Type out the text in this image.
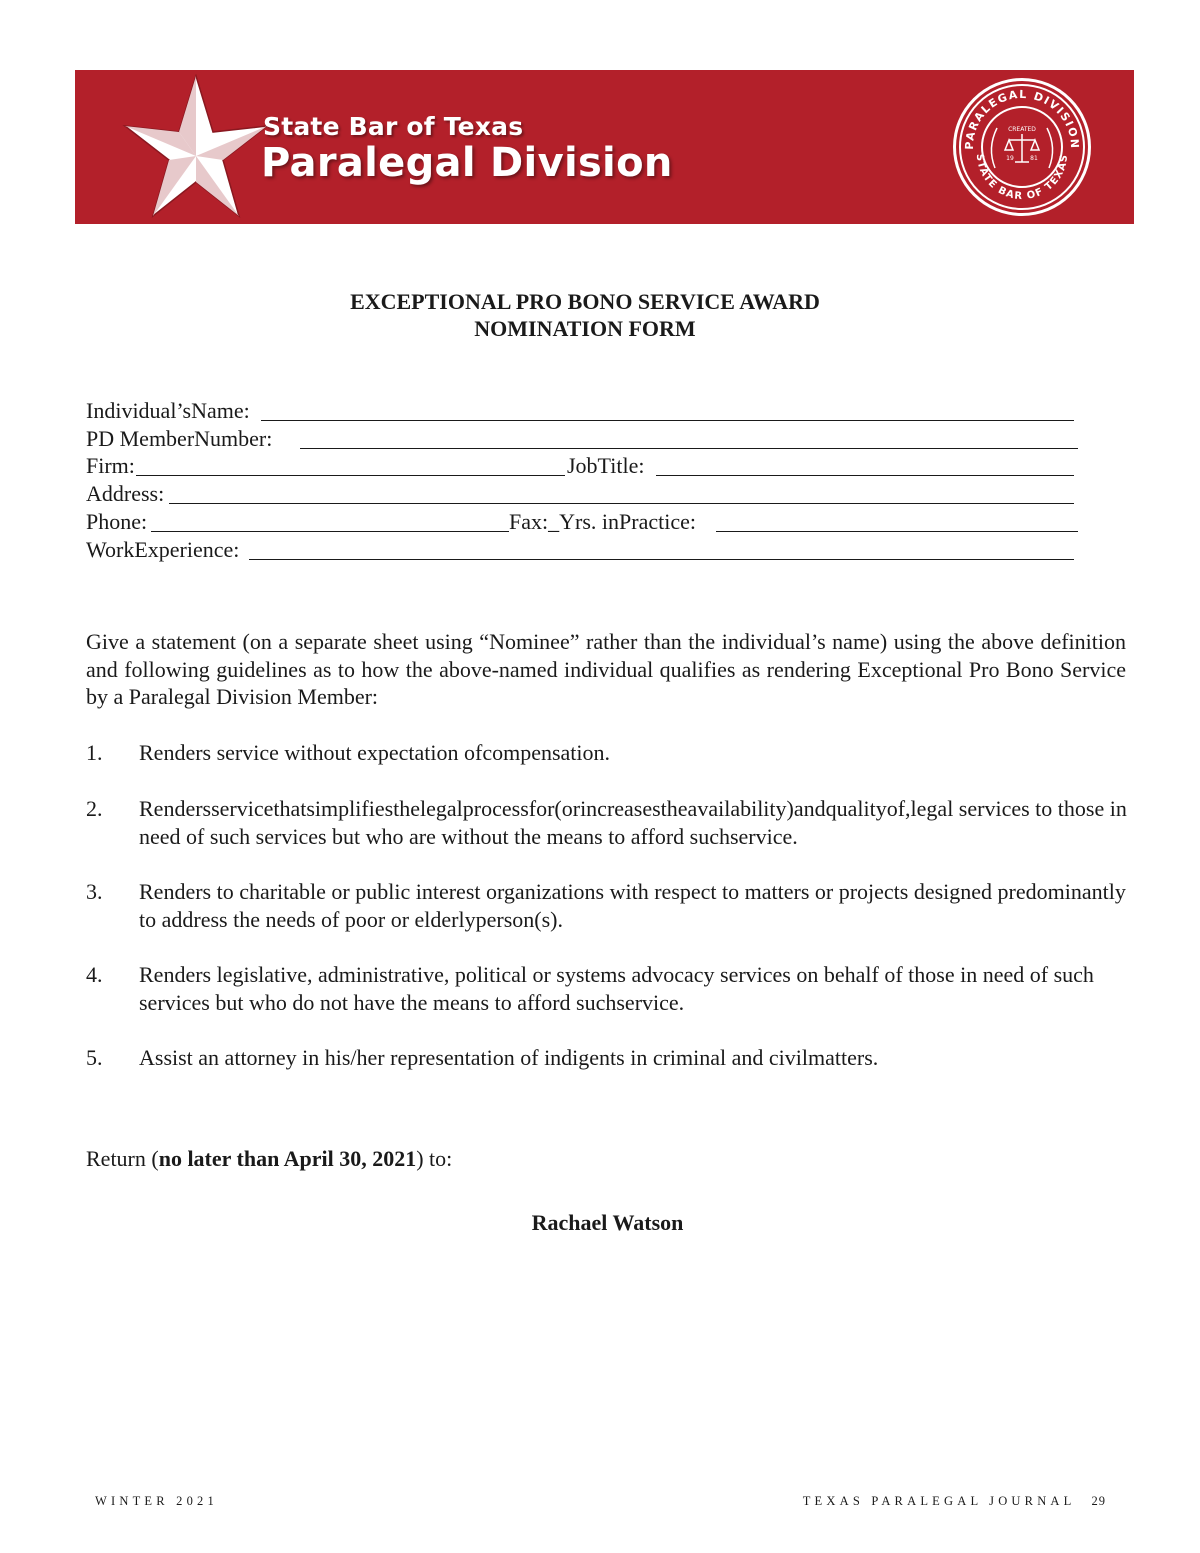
State Bar of Texas
Paralegal Division	PARALEGAL DIVISION
STATE BAR OF TEXAS
CREATED
19	81
EXCEPTIONAL PRO BONO SERVICE AWARD
NOMINATION FORM
Individual’sName:
PD MemberNumber:
Firm:	JobTitle:
Address:
Phone:	Fax:_Yrs. inPractice:
WorkExperience:
Give a statement (on a separate sheet using “Nominee” rather than the individual’s name) using the above definition and following guidelines as to how the above-named individual qualifies as rendering Exceptional Pro Bono Service by a Paralegal Division Member:
1. Renders service without expectation ofcompensation.
2. Rendersservicethatsimplifiesthelegalprocessfor(orincreasestheavailability)andqualityof,legal services to those in need of such services but who are without the means to afford suchservice.
3. Renders to charitable or public interest organizations with respect to matters or projects designed predominantly to address the needs of poor or elderlyperson(s).
4. Renders legislative, administrative, political or systems advocacy services on behalf of those in need of such services but who do not have the means to afford suchservice.
5. Assist an attorney in his/her representation of indigents in criminal and civilmatters.
Return (no later than April 30, 2021) to:
Rachael Watson
WINTER 2021	TEXAS PARALEGAL JOURNAL 29
